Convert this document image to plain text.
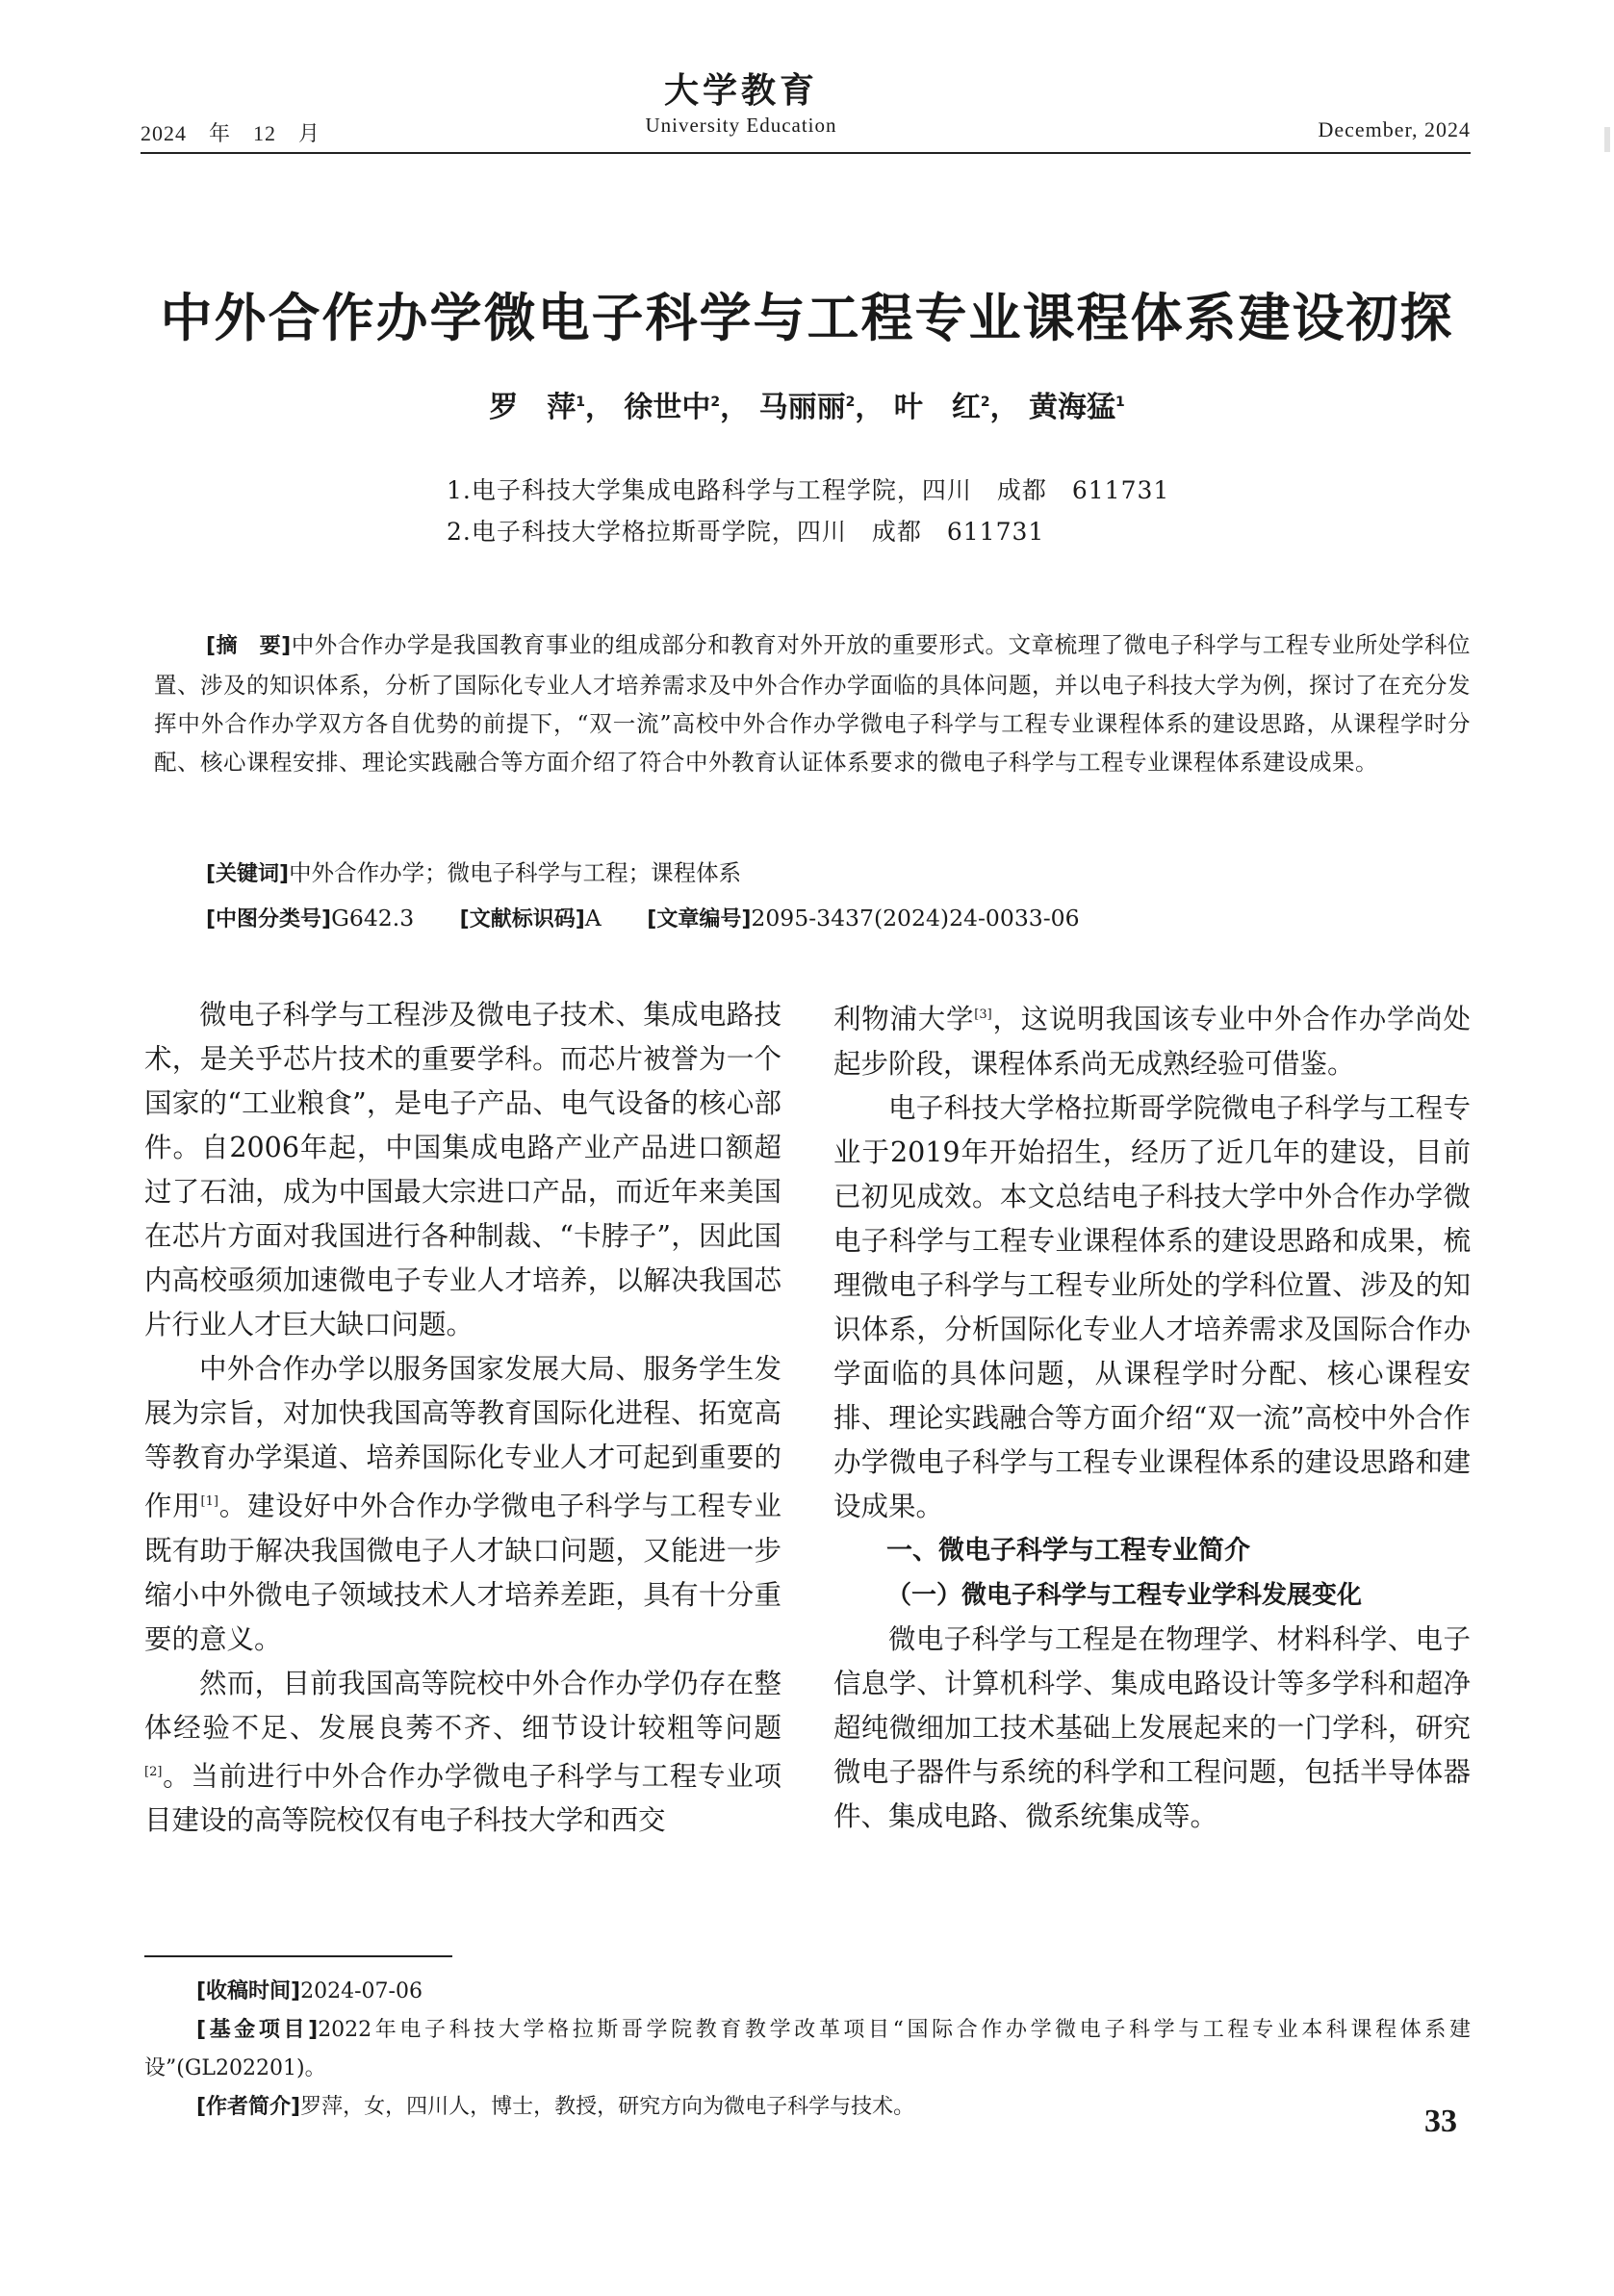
2024　年　12　月
大学教育
University Education	December, 2024
中外合作办学微电子科学与工程专业课程体系建设初探
罗　萍$^1$， 徐世中$^2$， 马丽丽$^2$， 叶　红$^2$， 黄海猛$^1$
1.电子科技大学集成电路科学与工程学院，四川　成都　611731
2.电子科技大学格拉斯哥学院，四川　成都　611731
[摘　要]中外合作办学是我国教育事业的组成部分和教育对外开放的重要形式。文章梳理了微电子科学与工程专业所处学科位置、涉及的知识体系，分析了国际化专业人才培养需求及中外合作办学面临的具体问题，并以电子科技大学为例，探讨了在充分发挥中外合作办学双方各自优势的前提下，“双一流”高校中外合作办学微电子科学与工程专业课程体系的建设思路，从课程学时分配、核心课程安排、理论实践融合等方面介绍了符合中外教育认证体系要求的微电子科学与工程专业课程体系建设成果。
[关键词]中外合作办学；微电子科学与工程；课程体系
[中图分类号]G642.3 [文献标识码]A [文章编号]2095-3437(2024)24-0033-06

微电子科学与工程涉及微电子技术、集成电路技术，是关乎芯片技术的重要学科。而芯片被誉为一个国家的“工业粮食”，是电子产品、电气设备的核心部件。自2006年起，中国集成电路产业产品进口额超过了石油，成为中国最大宗进口产品，而近年来美国在芯片方面对我国进行各种制裁、“卡脖子”，因此国内高校亟须加速微电子专业人才培养，以解决我国芯片行业人才巨大缺口问题。

中外合作办学以服务国家发展大局、服务学生发展为宗旨，对加快我国高等教育国际化进程、拓宽高等教育办学渠道、培养国际化专业人才可起到重要的作用[1]。建设好中外合作办学微电子科学与工程专业既有助于解决我国微电子人才缺口问题，又能进一步缩小中外微电子领域技术人才培养差距，具有十分重要的意义。

然而，目前我国高等院校中外合作办学仍存在整体经验不足、发展良莠不齐、细节设计较粗等问题[2]。当前进行中外合作办学微电子科学与工程专业项目建设的高等院校仅有电子科技大学和西交

利物浦大学[3]，这说明我国该专业中外合作办学尚处起步阶段，课程体系尚无成熟经验可借鉴。

电子科技大学格拉斯哥学院微电子科学与工程专业于2019年开始招生，经历了近几年的建设，目前已初见成效。本文总结电子科技大学中外合作办学微电子科学与工程专业课程体系的建设思路和成果，梳理微电子科学与工程专业所处的学科位置、涉及的知识体系，分析国际化专业人才培养需求及国际合作办学面临的具体问题，从课程学时分配、核心课程安排、理论实践融合等方面介绍“双一流”高校中外合作办学微电子科学与工程专业课程体系的建设思路和建设成果。

一、微电子科学与工程专业简介
（一）微电子科学与工程专业学科发展变化

微电子科学与工程是在物理学、材料科学、电子信息学、计算机科学、集成电路设计等多学科和超净超纯微细加工技术基础上发展起来的一门学科，研究微电子器件与系统的科学和工程问题，包括半导体器件、集成电路、微系统集成等。

[收稿时间]2024-07-06
[基金项目]2022年电子科技大学格拉斯哥学院教育教学改革项目“国际合作办学微电子科学与工程专业本科课程体系建设”(GL202201)。
[作者简介]罗萍，女，四川人，博士，教授，研究方向为微电子科学与技术。	33
